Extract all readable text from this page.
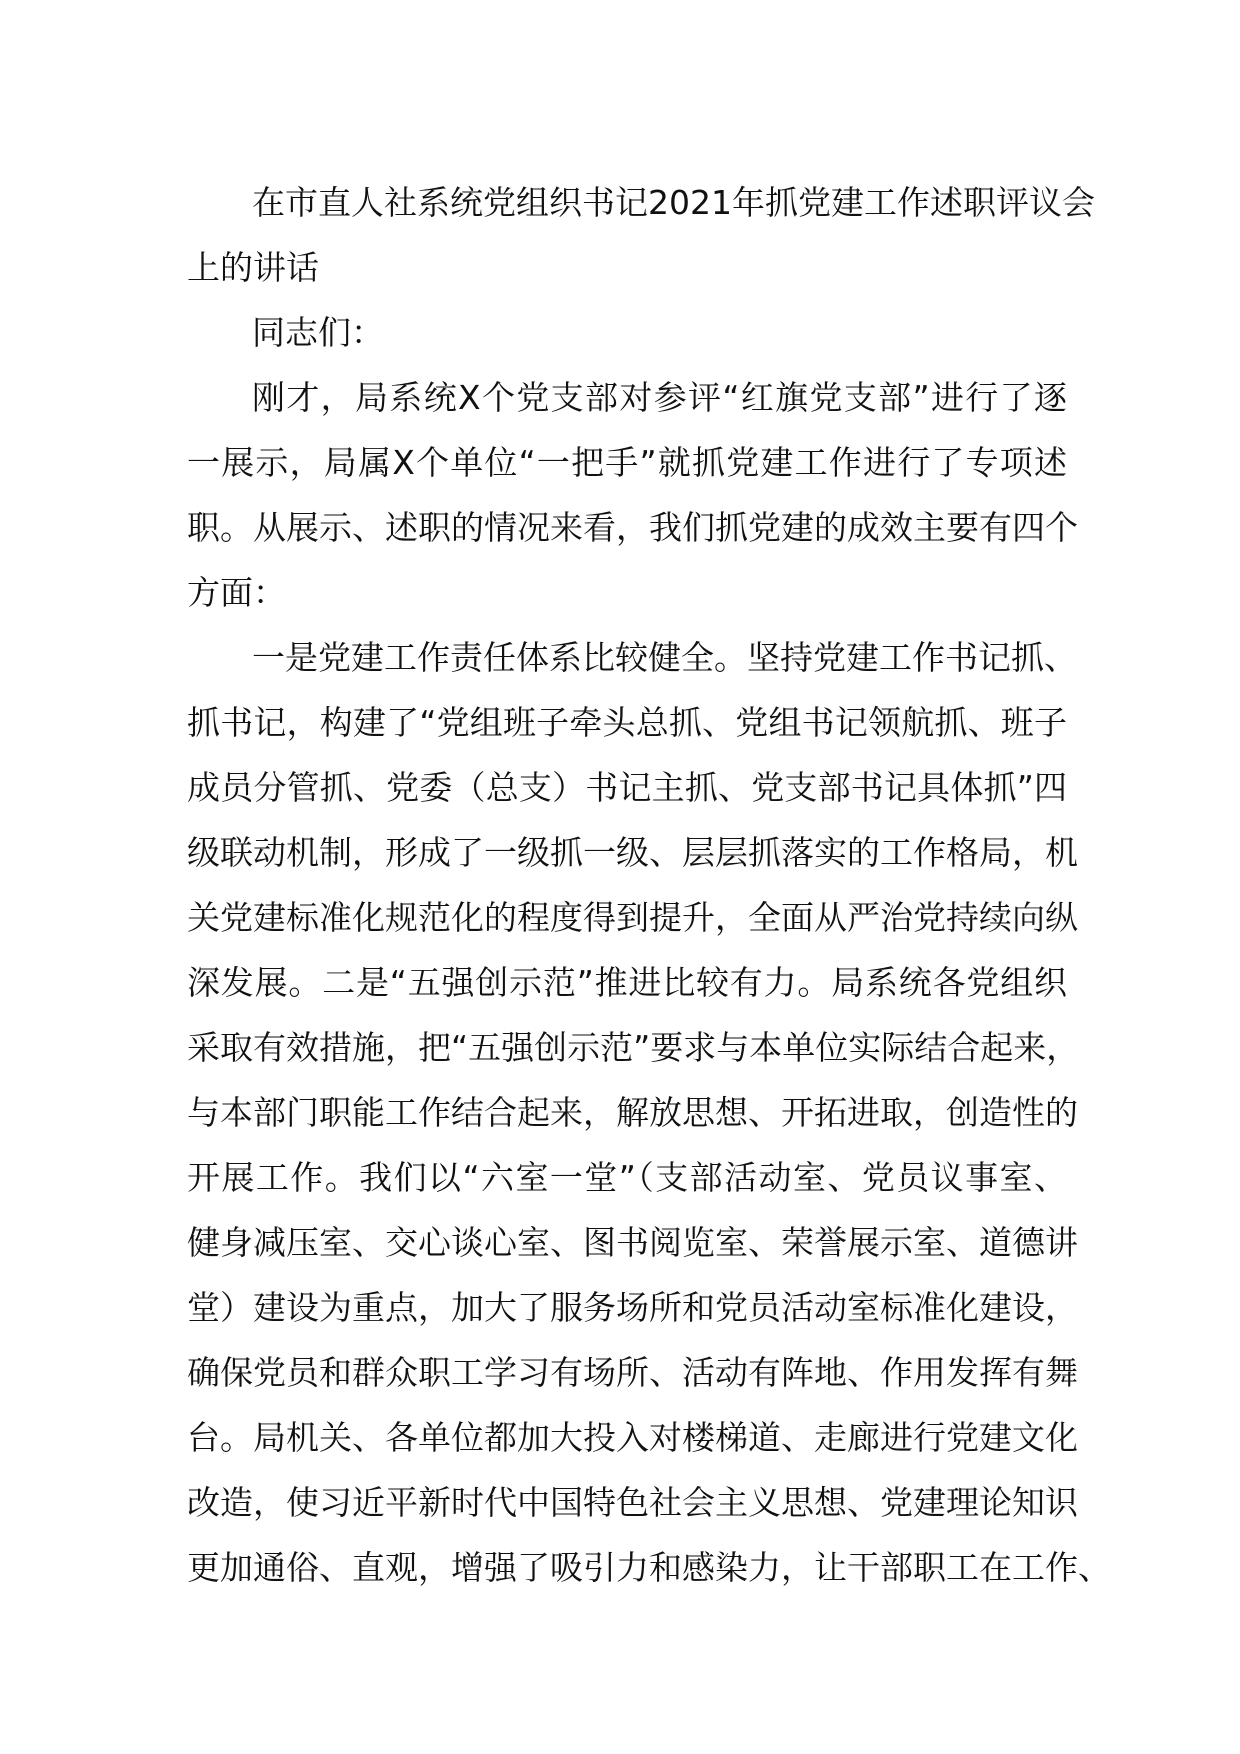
在市直人社系统党组织书记2021年抓党建工作述职评议会
上的讲话
同志们：
刚才，局系统X个党支部对参评“红旗党支部”进行了逐
一展示，局属X个单位“一把手”就抓党建工作进行了专项述
职。从展示、述职的情况来看，我们抓党建的成效主要有四个
方面：
一是党建工作责任体系比较健全。坚持党建工作书记抓、
抓书记，构建了“党组班子牵头总抓、党组书记领航抓、班子
成员分管抓、党委（总支）书记主抓、党支部书记具体抓”四
级联动机制，形成了一级抓一级、层层抓落实的工作格局，机
关党建标准化规范化的程度得到提升，全面从严治党持续向纵
深发展。二是“五强创示范”推进比较有力。局系统各党组织
采取有效措施，把“五强创示范”要求与本单位实际结合起来，
与本部门职能工作结合起来，解放思想、开拓进取，创造性的
开展工作。我们以“六室一堂”（支部活动室、党员议事室、
健身减压室、交心谈心室、图书阅览室、荣誉展示室、道德讲
堂）建设为重点，加大了服务场所和党员活动室标准化建设，
确保党员和群众职工学习有场所、活动有阵地、作用发挥有舞
台。局机关、各单位都加大投入对楼梯道、走廊进行党建文化
改造，使习近平新时代中国特色社会主义思想、党建理论知识
更加通俗、直观，增强了吸引力和感染力，让干部职工在工作、
